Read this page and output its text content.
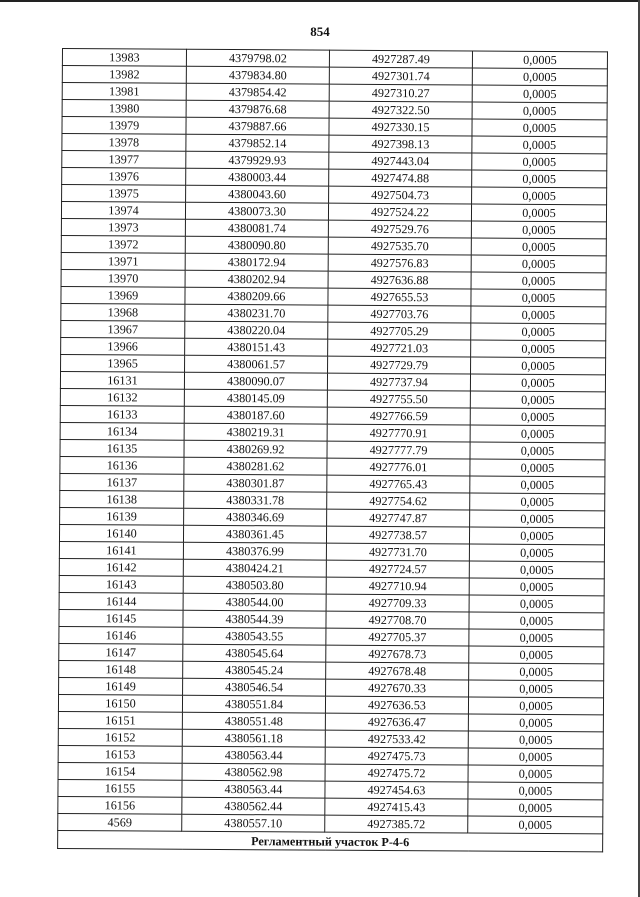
854
13983	4379798.02	4927287.49	0,0005
13982	4379834.80	4927301.74	0,0005
13981	4379854.42	4927310.27	0,0005
13980	4379876.68	4927322.50	0,0005
13979	4379887.66	4927330.15	0,0005
13978	4379852.14	4927398.13	0,0005
13977	4379929.93	4927443.04	0,0005
13976	4380003.44	4927474.88	0,0005
13975	4380043.60	4927504.73	0,0005
13974	4380073.30	4927524.22	0,0005
13973	4380081.74	4927529.76	0,0005
13972	4380090.80	4927535.70	0,0005
13971	4380172.94	4927576.83	0,0005
13970	4380202.94	4927636.88	0,0005
13969	4380209.66	4927655.53	0,0005
13968	4380231.70	4927703.76	0,0005
13967	4380220.04	4927705.29	0,0005
13966	4380151.43	4927721.03	0,0005
13965	4380061.57	4927729.79	0,0005
16131	4380090.07	4927737.94	0,0005
16132	4380145.09	4927755.50	0,0005
16133	4380187.60	4927766.59	0,0005
16134	4380219.31	4927770.91	0,0005
16135	4380269.92	4927777.79	0,0005
16136	4380281.62	4927776.01	0,0005
16137	4380301.87	4927765.43	0,0005
16138	4380331.78	4927754.62	0,0005
16139	4380346.69	4927747.87	0,0005
16140	4380361.45	4927738.57	0,0005
16141	4380376.99	4927731.70	0,0005
16142	4380424.21	4927724.57	0,0005
16143	4380503.80	4927710.94	0,0005
16144	4380544.00	4927709.33	0,0005
16145	4380544.39	4927708.70	0,0005
16146	4380543.55	4927705.37	0,0005
16147	4380545.64	4927678.73	0,0005
16148	4380545.24	4927678.48	0,0005
16149	4380546.54	4927670.33	0,0005
16150	4380551.84	4927636.53	0,0005
16151	4380551.48	4927636.47	0,0005
16152	4380561.18	4927533.42	0,0005
16153	4380563.44	4927475.73	0,0005
16154	4380562.98	4927475.72	0,0005
16155	4380563.44	4927454.63	0,0005
16156	4380562.44	4927415.43	0,0005
4569	4380557.10	4927385.72	0,0005
Регламентный участок Р-4-6			
